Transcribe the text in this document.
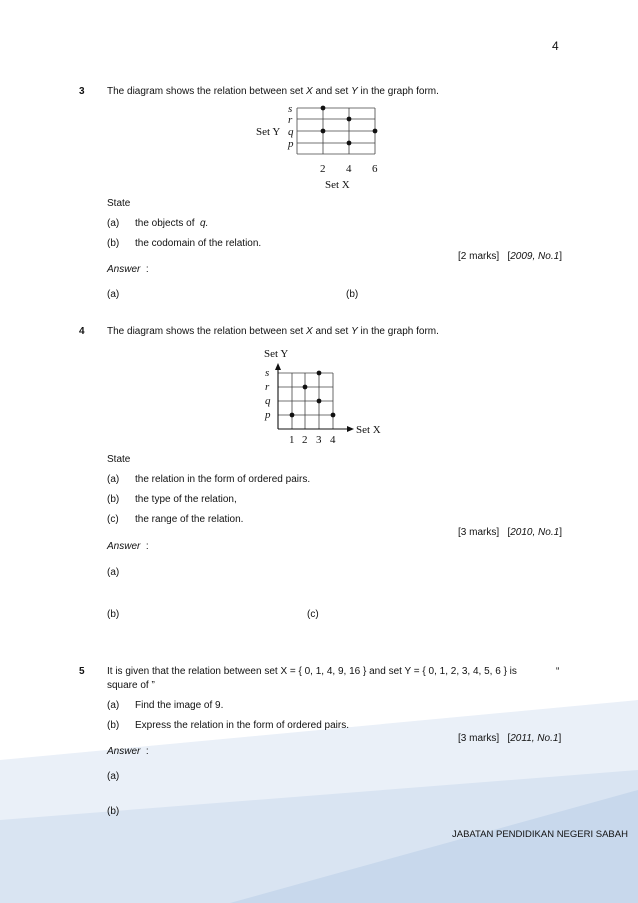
4
3 The diagram shows the relation between set X and set Y in the graph form.
s
r
q
p
Set Y
2 4 6
Set X
State
(a) the objects of q.
(b) the codomain of the relation.
[2 marks] [2009, No.1]
Answer :
(a)	(b)
4 The diagram shows the relation between set X and set Y in the graph form.
Set Y
s
r
q
p
Set X
1 2 3 4
State
(a) the relation in the form of ordered pairs.
(b) the type of the relation,
(c) the range of the relation.
[3 marks] [2010, No.1]
Answer :
(a)
(b)	(c)
5 It is given that the relation between set X = { 0, 1, 4, 9, 16 } and set Y = { 0, 1, 2, 3, 4, 5, 6 } is	“
square of ”
(a) Find the image of 9.
(b) Express the relation in the form of ordered pairs.
[3 marks] [2011, No.1]
Answer :
(a)
(b)
JABATAN PENDIDIKAN NEGERI SABAH
